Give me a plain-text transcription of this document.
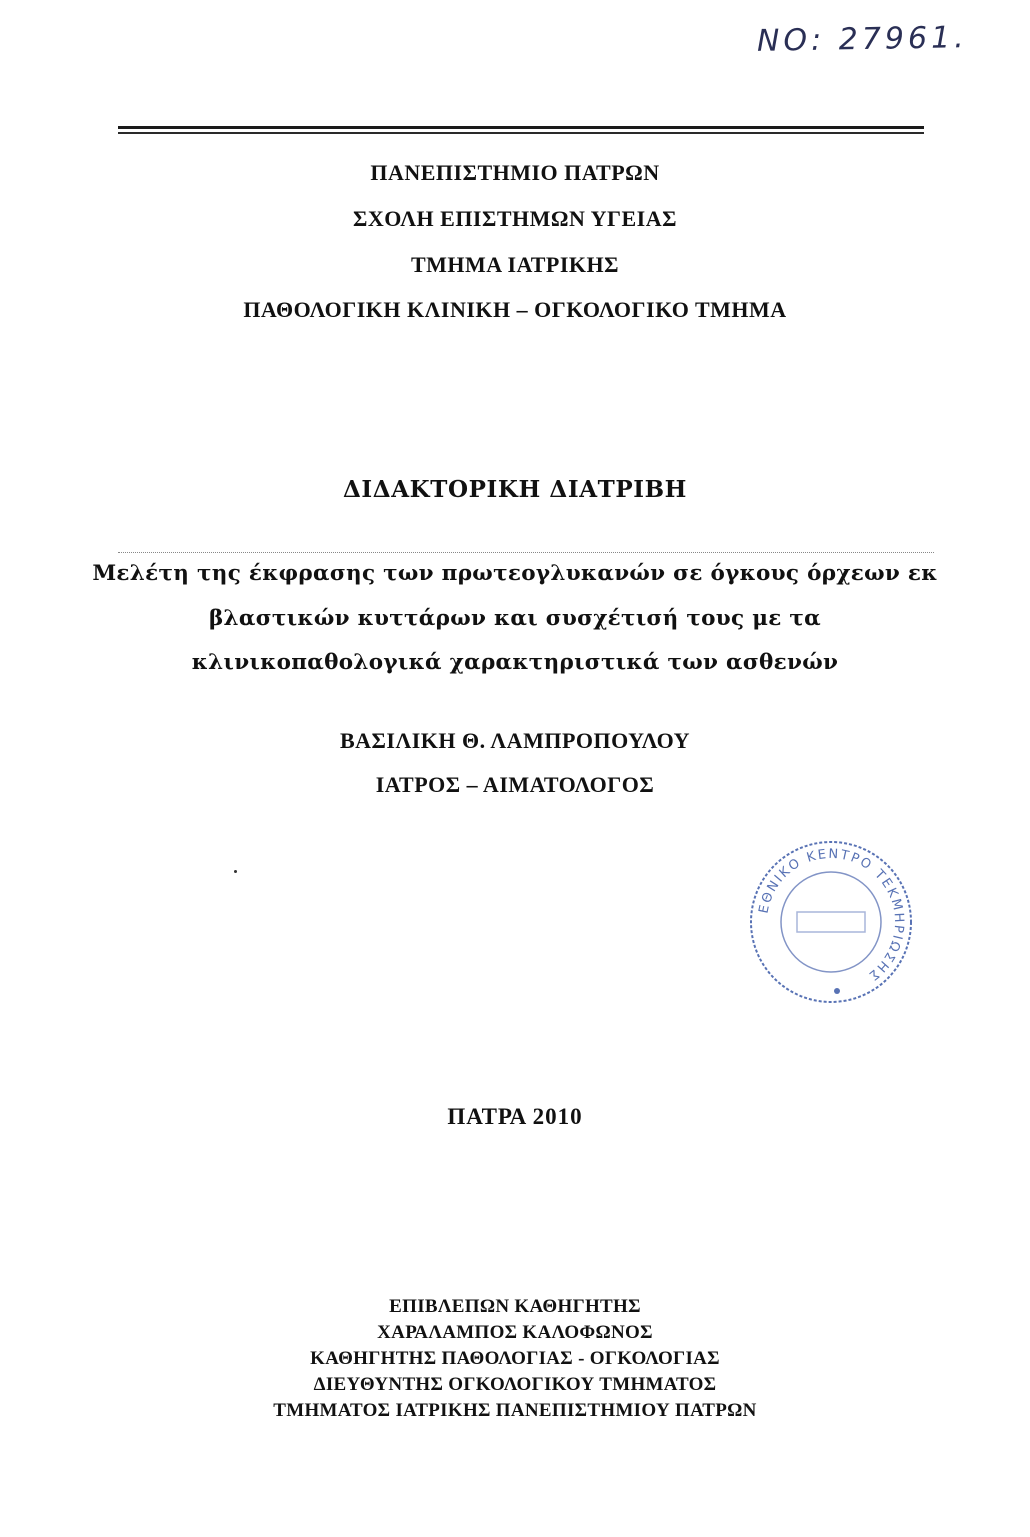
ΝΟ: 27961.
ΠΑΝΕΠΙΣΤΗΜΙΟ ΠΑΤΡΩΝ
ΣΧΟΛΗ ΕΠΙΣΤΗΜΩΝ ΥΓΕΙΑΣ
ΤΜΗΜΑ ΙΑΤΡΙΚΗΣ
ΠΑΘΟΛΟΓΙΚΗ ΚΛΙΝΙΚΗ – ΟΓΚΟΛΟΓΙΚΟ ΤΜΗΜΑ
ΔΙΔΑΚΤΟΡΙΚΗ ΔΙΑΤΡΙΒΗ
Μελέτη της έκφρασης των πρωτεογλυκανών σε όγκους όρχεων εκ
βλαστικών κυττάρων και συσχέτισή τους με τα
κλινικοπαθολογικά χαρακτηριστικά των ασθενών
ΒΑΣΙΛΙΚΗ Θ. ΛΑΜΠΡΟΠΟΥΛΟΥ
ΙΑΤΡΟΣ – ΑΙΜΑΤΟΛΟΓΟΣ
ΕΘΝΙΚΟ ΚΕΝΤΡΟ ΤΕΚΜΗΡΙΩΣΗΣ
ΠΑΤΡΑ 2010
ΕΠΙΒΛΕΠΩΝ ΚΑΘΗΓΗΤΗΣ
ΧΑΡΑΛΑΜΠΟΣ ΚΑΛΟΦΩΝΟΣ
ΚΑΘΗΓΗΤΗΣ ΠΑΘΟΛΟΓΙΑΣ - ΟΓΚΟΛΟΓΙΑΣ
ΔΙΕΥΘΥΝΤΗΣ ΟΓΚΟΛΟΓΙΚΟΥ ΤΜΗΜΑΤΟΣ
ΤΜΗΜΑΤΟΣ ΙΑΤΡΙΚΗΣ ΠΑΝΕΠΙΣΤΗΜΙΟΥ ΠΑΤΡΩΝ
